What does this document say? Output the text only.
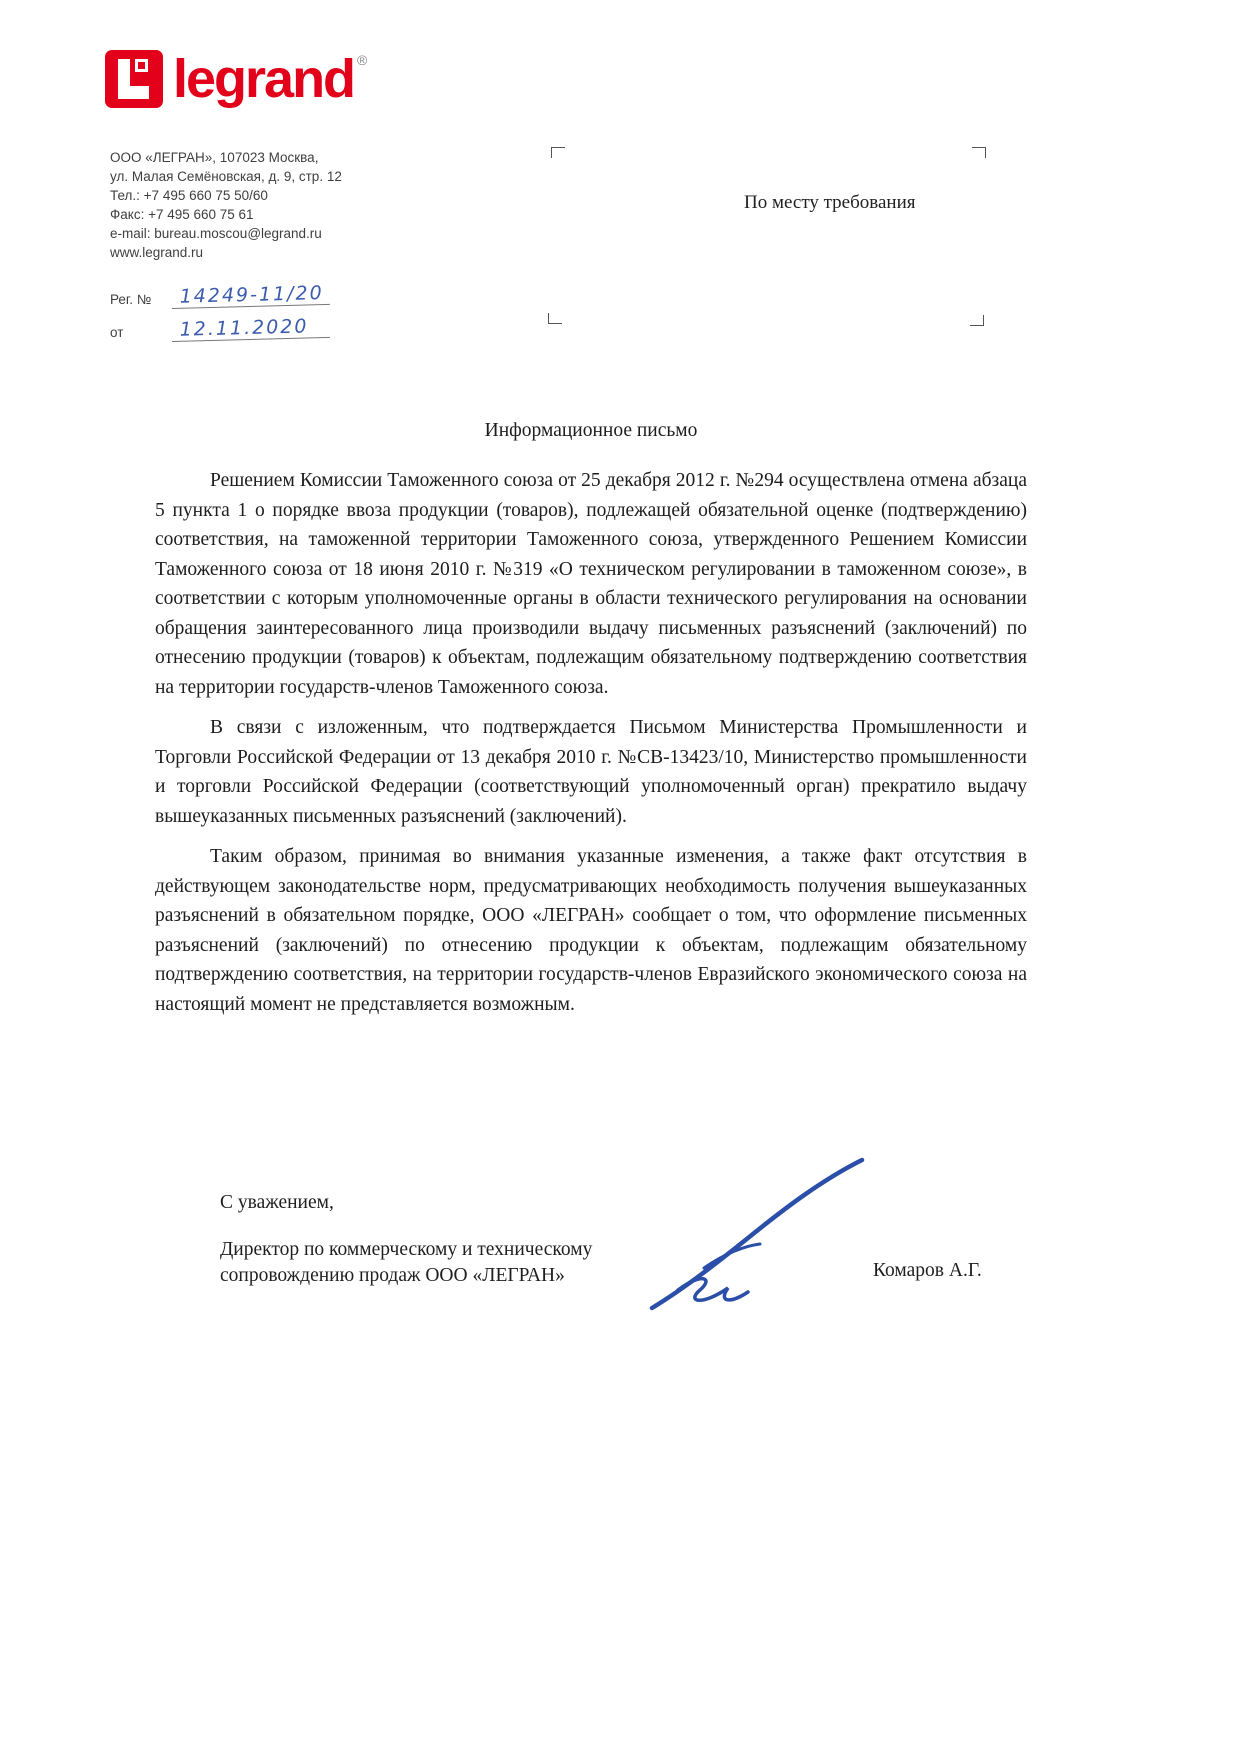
legrand ®
ООО «ЛЕГРАН», 107023 Москва,
ул. Малая Семёновская, д. 9, стр. 12
Тел.: +7 495 660 75 50/60
Факс: +7 495 660 75 61
e-mail: bureau.moscou@legrand.ru
www.legrand.ru
По месту требования
Рег. №	14249-11/20
от	12.11.2020
Информационное письмо

Решением Комиссии Таможенного союза от 25 декабря 2012 г. №294 осуществлена отмена абзаца 5 пункта 1 о порядке ввоза продукции (товаров), подлежащей обязательной оценке (подтверждению) соответствия, на таможенной территории Таможенного союза, утвержденного Решением Комиссии Таможенного союза от 18 июня 2010 г. №319 «О техническом регулировании в таможенном союзе», в соответствии с которым уполномоченные органы в области технического регулирования на основании обращения заинтересованного лица производили выдачу письменных разъяснений (заключений) по отнесению продукции (товаров) к объектам, подлежащим обязательному подтверждению соответствия на территории государств-членов Таможенного союза.

В связи с изложенным, что подтверждается Письмом Министерства Промышленности и Торговли Российской Федерации от 13 декабря 2010 г. №СВ-13423/10, Министерство промышленности и торговли Российской Федерации (соответствующий уполномоченный орган) прекратило выдачу вышеуказанных письменных разъяснений (заключений).

Таким образом, принимая во внимания указанные изменения, а также факт отсутствия в действующем законодательстве норм, предусматривающих необходимость получения вышеуказанных разъяснений в обязательном порядке, ООО «ЛЕГРАН» сообщает о том, что оформление письменных разъяснений (заключений) по отнесению продукции к объектам, подлежащим обязательному подтверждению соответствия, на территории государств-членов Евразийского экономического союза на настоящий момент не представляется возможным.

С уважением,
Директор по коммерческому и техническому
сопровождению продаж ООО «ЛЕГРАН»	Комаров А.Г.
